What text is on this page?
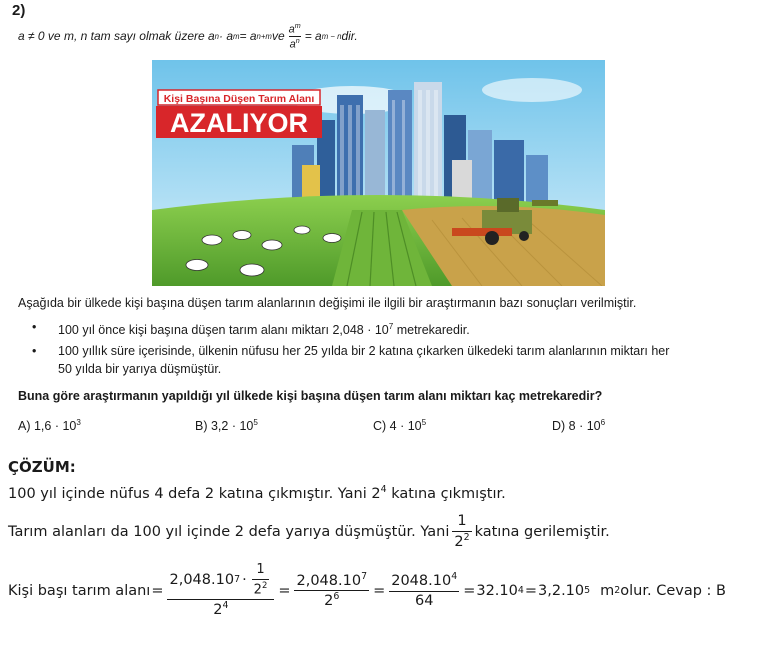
2)
a ≠ 0 ve m, n tam sayı olmak üzere a n · a m = a n+m ve $\frac{a^m}{a^n} = a$ m − n dir.
Kişi Başına Düşen Tarım Alanı
AZALIYOR
Aşağıda bir ülkede kişi başına düşen tarım alanlarının değişimi ile ilgili bir araştırmanın bazı sonuçları verilmiştir.
• 100 yıl önce kişi başına düşen tarım alanı miktarı $2,048 \cdot 10^7$ metrekaredir.
• 100 yıllık süre içerisinde, ülkenin nüfusu her 25 yılda bir 2 katına çıkarken ülkedeki tarım alanlarının miktarı her
50 yılda bir yarıya düşmüştür.
Buna göre araştırmanın yapıldığı yıl ülkede kişi başına düşen tarım alanı miktarı kaç metrekaredir?
A) $1,6 \cdot 10^3$	B) $3,2 \cdot 10^5$	C) $4 \cdot 10^5$	D) $8 \cdot 10^6$
ÇÖZÜM:
100 yıl içinde nüfus 4 defa 2 katına çıkmıştır. Yani $2^4$ katına çıkmıştır.
Tarım alanları da 100 yıl içinde 2 defa yarıya düşmüştür. Yani $\frac{1}{2^2}$ katına gerilemiştir.
Kişi başı tarım alanı = $\frac{2,048.10 7 \cdot \frac{1}{2^2}}{2^4} = \frac{2,048.10^7}{2^6} = \frac{2048.10^4}{64} = 32.10$ 4 = 3,2.10 5 m 2 olur. Cevap : B
